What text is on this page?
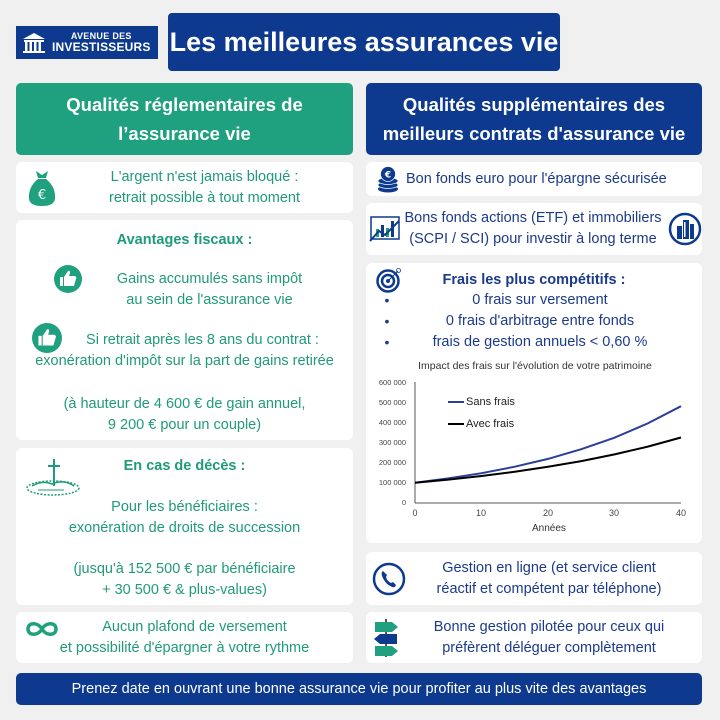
AVENUE DES
INVESTISSEURS Les meilleures assurances vie
Qualités réglementaires de
l’assurance vie
Qualités supplémentaires des
meilleurs contrats d'assurance vie
€
L'argent n'est jamais bloqué :
retrait possible à tout moment
Avantages fiscaux :
Gains accumulés sans impôt
au sein de l'assurance vie
Si retrait après les 8 ans du contrat :
exonération d'impôt sur la part de gains retirée
(à hauteur de 4 600 € de gain annuel,
9 200 € pour un couple)
En cas de décès :
Pour les bénéficiaires :
exonération de droits de succession
(jusqu'à 152 500 € par bénéficiaire
+ 30 500 € & plus-values)
Aucun plafond de versement
et possibilité d'épargner à votre rythme
€ Bon fonds euro pour l'épargne sécurisée
Bons fonds actions (ETF) et immobiliers
(SCPI / SCI) pour investir à long terme
Frais les plus compétitifs :
•	0 frais sur versement
•	0 frais d'arbitrage entre fonds
•	frais de gestion annuels < 0,60 %
Impact des frais sur l'évolution de votre patrimoine
600 000
500 000
400 000
300 000
200 000
100 000
0
Sans frais
Avec frais
0	10	20	30	40
Années
Gestion en ligne (et service client
réactif et compétent par téléphone)
Bonne gestion pilotée pour ceux qui
préfèrent déléguer complètement
Prenez date en ouvrant une bonne assurance vie pour profiter au plus vite des avantages
